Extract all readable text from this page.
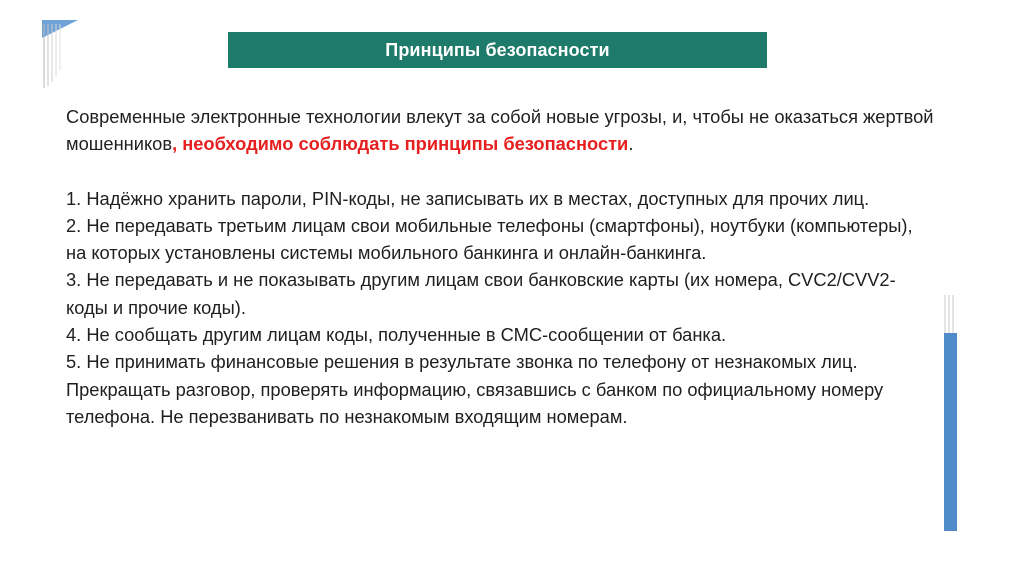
Принципы безопасности

Современные электронные технологии влекут за собой новые угрозы, и, чтобы не оказаться жертвой мошенников, необходимо соблюдать принципы безопасности.

1. Надёжно хранить пароли, PIN-коды, не записывать их в местах, доступных для прочих лиц.

2. Не передавать третьим лицам свои мобильные телефоны (смартфоны), ноутбуки (компьютеры), на которых установлены системы мобильного банкинга и онлайн-банкинга.

3. Не передавать и не показывать другим лицам свои банковские карты (их номера, CVC2/CVV2- коды и прочие коды).

4. Не сообщать другим лицам коды, полученные в СМС-сообщении от банка.

5. Не принимать финансовые решения в результате звонка по телефону от незнакомых лиц. Прекращать разговор, проверять информацию, связавшись с банком по официальному номеру телефона. Не перезванивать по незнакомым входящим номерам.
